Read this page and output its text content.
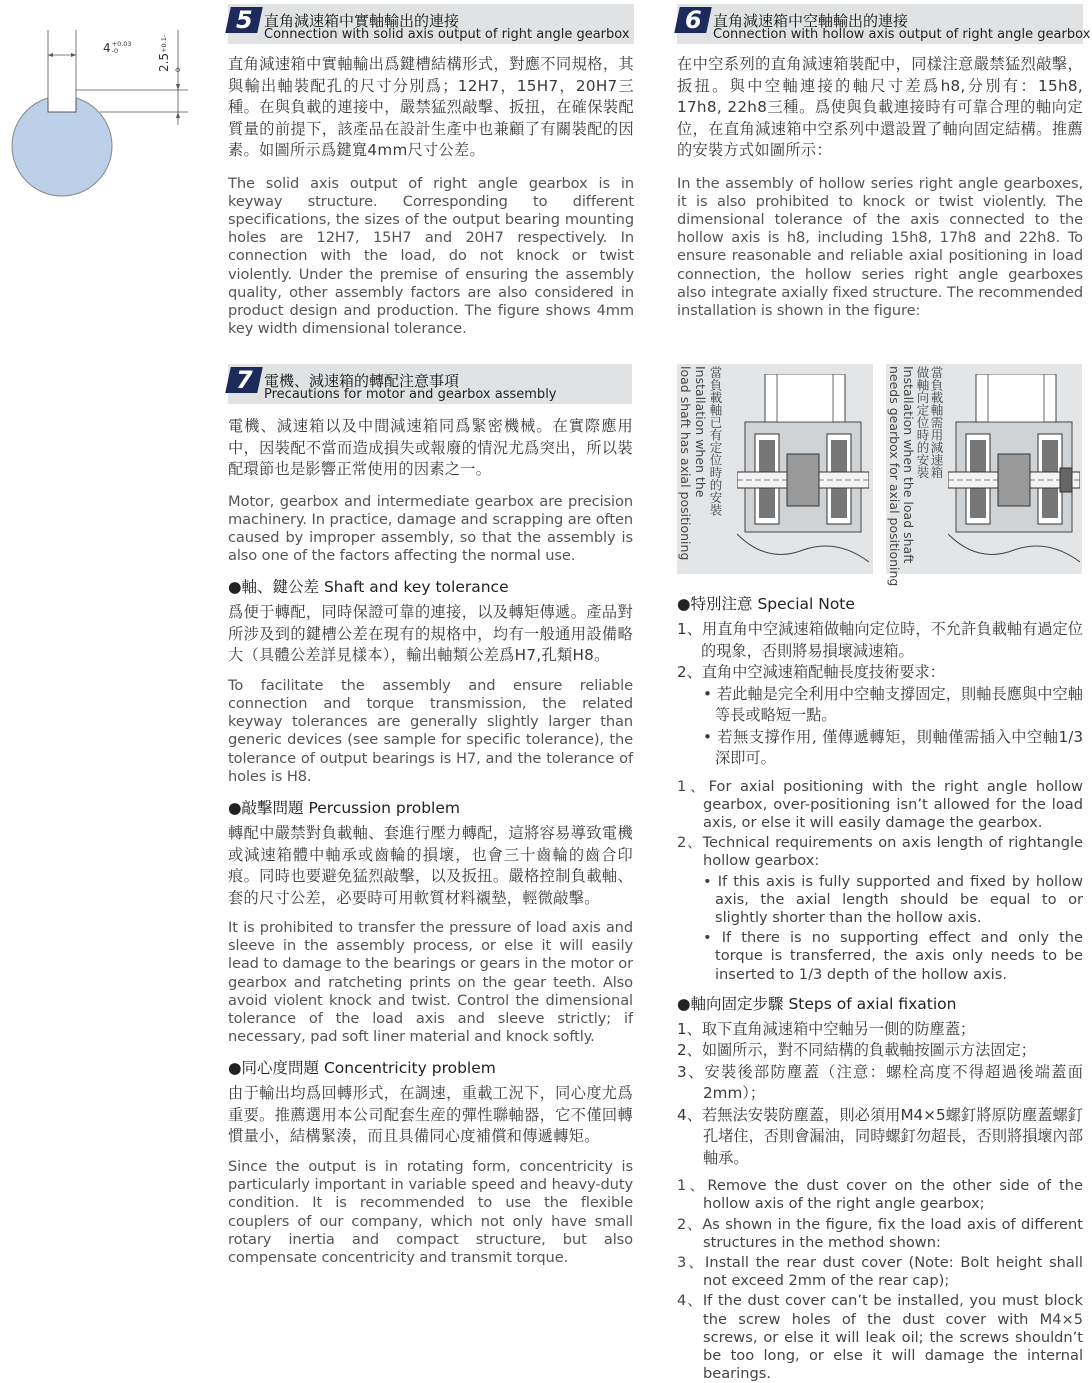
4+0.03
-0
2.5+0.1-0
5 直角減速箱中實軸輸出的連接
Connection with solid axis output of right angle gearbox

直角減速箱中實軸輸出爲鍵槽結構形式，對應不同規格，其與輸出軸裝配孔的尺寸分別爲；12H7，15H7，20H7三種。在與負載的連接中，嚴禁猛烈敲擊、扳扭，在確保裝配質量的前提下，該產品在設計生產中也兼顧了有關裝配的因素。如圖所示爲鍵寬4mm尺寸公差。

The solid axis output of right angle gearbox is in keyway structure. Corresponding to different specifications, the sizes of the output bearing mounting holes are 12H7, 15H7 and 20H7 respectively. In connection with the load, do not knock or twist violently. Under the premise of ensuring the assembly quality, other assembly factors are also considered in product design and production. The figure shows 4mm key width dimensional tolerance.

6 直角減速箱中空軸輸出的連接
Connection with hollow axis output of right angle gearbox

在中空系列的直角減速箱裝配中，同樣注意嚴禁猛烈敲擊，扳扭。與中空軸連接的軸尺寸差爲h8,分別有：15h8, 17h8, 22h8三種。爲使與負載連接時有可靠合理的軸向定位，在直角減速箱中空系列中還設置了軸向固定結構。推薦的安裝方式如圖所示：

In the assembly of hollow series right angle gearboxes, it is also prohibited to knock or twist violently. The dimensional tolerance of the axis connected to the hollow axis is h8, including 15h8, 17h8 and 22h8. To ensure reasonable and reliable axial positioning in load connection, the hollow series right angle gearboxes also integrate axially fixed structure. The recommended installation is shown in the figure:

7 電機、減速箱的轉配注意事項
Precautions for motor and gearbox assembly

電機、減速箱以及中間減速箱同爲緊密機械。在實際應用中，因裝配不當而造成損失或報廢的情況尤爲突出，所以裝配環節也是影響正常使用的因素之一。

Motor, gearbox and intermediate gearbox are precision machinery. In practice, damage and scrapping are often caused by improper assembly, so that the assembly is also one of the factors affecting the normal use.

●軸、鍵公差 Shaft and key tolerance

爲便于轉配，同時保證可靠的連接，以及轉矩傳遞。產品對所涉及到的鍵槽公差在現有的規格中，均有一般通用設備略大（具體公差詳見樣本），輸出軸類公差爲H7,孔類H8。

To facilitate the assembly and ensure reliable connection and torque transmission, the related keyway tolerances are generally slightly larger than generic devices (see sample for specific tolerance), the tolerance of output bearings is H7, and the tolerance of holes is H8.

●敲擊問題 Percussion problem

轉配中嚴禁對負載軸、套進行壓力轉配，這將容易導致電機或減速箱體中軸承或齒輪的損壞，也會三十齒輪的齒合印痕。同時也要避免猛烈敲擊，以及扳扭。嚴格控制負載軸、套的尺寸公差，必要時可用軟質材料襯墊，輕微敲擊。

It is prohibited to transfer the pressure of load axis and sleeve in the assembly process, or else it will easily lead to damage to the bearings or gears in the motor or gearbox and ratcheting prints on the gear teeth. Also avoid violent knock and twist. Control the dimensional tolerance of the load axis and sleeve strictly; if necessary, pad soft liner material and knock softly.

●同心度問題 Concentricity problem

由于輸出均爲回轉形式，在調速，重載工況下，同心度尤爲重要。推薦選用本公司配套生産的彈性聯軸器，它不僅回轉慣量小，結構緊湊，而且具備同心度補償和傳遞轉矩。

Since the output is in rotating form, concentricity is particularly important in variable speed and heavy-duty condition. It is recommended to use the flexible couplers of our company, which not only have small rotary inertia and compact structure, but also compensate concentricity and transmit torque.

當負載軸已有定位時的安裝
Installation when the
load shaft has axial positioning	當負載軸需用減速箱
做軸向定位時的安裝
Installation when the load shaft
needs gearbox for axial positioning

●特別注意 Special Note

1、用直角中空減速箱做軸向定位時，不允許負載軸有過定位的現象，否則將易損壞減速箱。

2、直角中空減速箱配軸長度技術要求：

• 若此軸是完全利用中空軸支撐固定，則軸長應與中空軸等長或略短一點。

• 若無支撐作用, 僅傳遞轉矩，則軸僅需插入中空軸1/3深即可。

1、For axial positioning with the right angle hollow gearbox, over-positioning isn’t allowed for the load axis, or else it will easily damage the gearbox.

2、Technical requirements on axis length of rightangle hollow gearbox:

• If this axis is fully supported and fixed by hollow axis, the axial length should be equal to or slightly shorter than the hollow axis.

• If there is no supporting effect and only the torque is transferred, the axis only needs to be inserted to 1/3 depth of the hollow axis.

●軸向固定步驟 Steps of axial fixation

1、取下直角減速箱中空軸另一側的防塵蓋；

2、如圖所示，對不同結構的負載軸按圖示方法固定；

3、安裝後部防塵蓋（注意：螺栓高度不得超過後端蓋面2mm）；

4、若無法安裝防塵蓋，則必須用M4×5螺釘將原防塵蓋螺釘孔堵住，否則會漏油，同時螺釘勿超長，否則將損壞內部軸承。

1、Remove the dust cover on the other side of the hollow axis of the right angle gearbox;

2、As shown in the figure, fix the load axis of different structures in the method shown:

3、Install the rear dust cover (Note: Bolt height shall not exceed 2mm of the rear cap);

4、If the dust cover can’t be installed, you must block the screw holes of the dust cover with M4×5 screws, or else it will leak oil; the screws shouldn’t be too long, or else it will damage the internal bearings.
